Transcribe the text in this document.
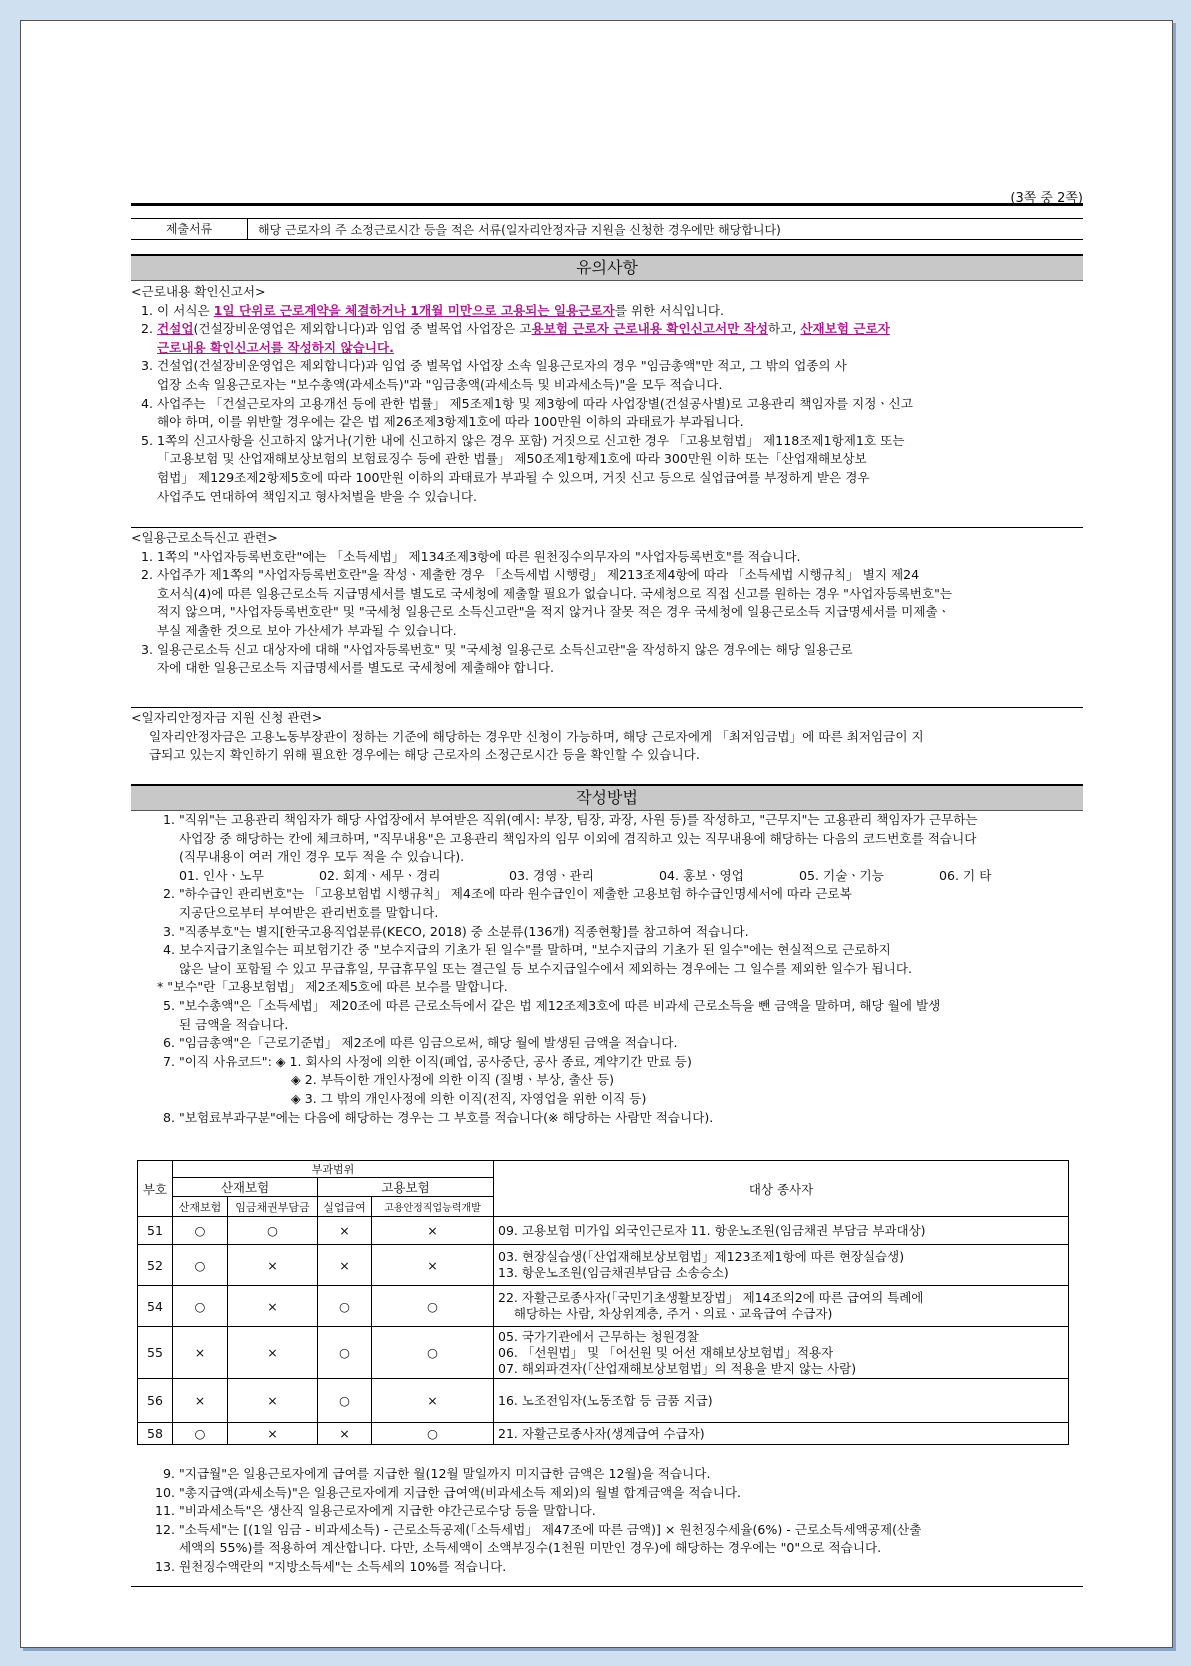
(3쪽 중 2쪽)
제출서류	해당 근로자의 주 소정근로시간 등을 적은 서류(일자리안정자금 지원을 신청한 경우에만 해당합니다)
유의사항

<근로내용 확인신고서>

1. 이 서식은 1일 단위로 근로계약을 체결하거나 1개월 미만으로 고용되는 일용근로자를 위한 서식입니다.
2. 건설업(건설장비운영업은 제외합니다)과 임업 중 벌목업 사업장은 고용보험 근로자 근로내용 확인신고서만 작성하고, 산재보험 근로자
근로내용 확인신고서를 작성하지 않습니다.
3. 건설업(건설장비운영업은 제외합니다)과 임업 중 벌목업 사업장 소속 일용근로자의 경우 "임금총액"만 적고, 그 밖의 업종의 사
업장 소속 일용근로자는 "보수총액(과세소득)"과 "임금총액(과세소득 및 비과세소득)"을 모두 적습니다.
4. 사업주는 「건설근로자의 고용개선 등에 관한 법률」 제5조제1항 및 제3항에 따라 사업장별(건설공사별)로 고용관리 책임자를 지정ㆍ신고
해야 하며, 이를 위반할 경우에는 같은 법 제26조제3항제1호에 따라 100만원 이하의 과태료가 부과됩니다.
5. 1쪽의 신고사항을 신고하지 않거나(기한 내에 신고하지 않은 경우 포함) 거짓으로 신고한 경우 「고용보험법」 제118조제1항제1호 또는
「고용보험 및 산업재해보상보험의 보험료징수 등에 관한 법률」 제50조제1항제1호에 따라 300만원 이하 또는「산업재해보상보
험법」 제129조제2항제5호에 따라 100만원 이하의 과태료가 부과될 수 있으며, 거짓 신고 등으로 실업급여를 부정하게 받은 경우
사업주도 연대하여 책임지고 형사처벌을 받을 수 있습니다.

<일용근로소득신고 관련>

1. 1쪽의 "사업자등록번호란"에는 「소득세법」 제134조제3항에 따른 원천징수의무자의 "사업자등록번호"를 적습니다.
2. 사업주가 제1쪽의 "사업자등록번호란"을 작성ㆍ제출한 경우 「소득세법 시행령」 제213조제4항에 따라 「소득세법 시행규칙」 별지 제24
호서식(4)에 따른 일용근로소득 지급명세서를 별도로 국세청에 제출할 필요가 없습니다. 국세청으로 직접 신고를 원하는 경우 "사업자등록번호"는
적지 않으며, "사업자등록번호란" 및 "국세청 일용근로 소득신고란"을 적지 않거나 잘못 적은 경우 국세청에 일용근로소득 지급명세서를 미제출ㆍ
부실 제출한 것으로 보아 가산세가 부과될 수 있습니다.
3. 일용근로소득 신고 대상자에 대해 "사업자등록번호" 및 "국세청 일용근로 소득신고란"을 작성하지 않은 경우에는 해당 일용근로
자에 대한 일용근로소득 지급명세서를 별도로 국세청에 제출해야 합니다.

<일자리안정자금 지원 신청 관련>

일자리안정자금은 고용노동부장관이 정하는 기준에 해당하는 경우만 신청이 가능하며, 해당 근로자에게 「최저임금법」에 따른 최저임금이 지

급되고 있는지 확인하기 위해 필요한 경우에는 해당 근로자의 소정근로시간 등을 확인할 수 있습니다.

작성방법
1. "직위"는 고용관리 책임자가 해당 사업장에서 부여받은 직위(예시: 부장, 팀장, 과장, 사원 등)를 작성하고, "근무지"는 고용관리 책임자가 근무하는
사업장 중 해당하는 칸에 체크하며, "직무내용"은 고용관리 책임자의 임무 이외에 겸직하고 있는 직무내용에 해당하는 다음의 코드번호를 적습니다
(직무내용이 여러 개인 경우 모두 적을 수 있습니다).

01. 인사ㆍ노무	02. 회계ㆍ세무ㆍ경리	03. 경영ㆍ관리	04. 홍보ㆍ영업	05. 기술ㆍ기능	06. 기 타
2. "하수급인 관리번호"는 「고용보험법 시행규칙」 제4조에 따라 원수급인이 제출한 고용보험 하수급인명세서에 따라 근로복
지공단으로부터 부여받은 관리번호를 말합니다.
3. "직종부호"는 별지[한국고용직업분류(KECO, 2018) 중 소분류(136개) 직종현황]를 참고하여 적습니다.
4. 보수지급기초일수는 피보험기간 중 "보수지급의 기초가 된 일수"를 말하며, "보수지급의 기초가 된 일수"에는 현실적으로 근로하지
않은 날이 포함될 수 있고 무급휴일, 무급휴무일 또는 결근일 등 보수지급일수에서 제외하는 경우에는 그 일수를 제외한 일수가 됩니다.

* "보수"란「고용보험법」 제2조제5호에 따른 보수를 말합니다.

5. "보수총액"은「소득세법」 제20조에 따른 근로소득에서 같은 법 제12조제3호에 따른 비과세 근로소득을 뺀 금액을 말하며, 해당 월에 발생
된 금액을 적습니다.
6. "임금총액"은「근로기준법」 제2조에 따른 임금으로써, 해당 월에 발생된 금액을 적습니다.
7. "이직 사유코드": ◈ 1. 회사의 사정에 의한 이직(폐업, 공사중단, 공사 종료, 계약기간 만료 등)

◈ 2. 부득이한 개인사정에 의한 이직 (질병ㆍ부상, 출산 등)

◈ 3. 그 밖의 개인사정에 의한 이직(전직, 자영업을 위한 이직 등)

8. "보험료부과구분"에는 다음에 해당하는 경우는 그 부호를 적습니다(※ 해당하는 사람만 적습니다).
부호	부과범위				대상 종사자
	산재보험		고용보험		
	산재보험	임금채권부담금	실업급여	고용안정직업능력개발	
51	○	○	×	×	09. 고용보험 미가입 외국인근로자 11. 항운노조원(임금채권 부담금 부과대상)
52	○	×	×	×	03. 현장실습생(「산업재해보상보험법」제123조제1항에 따른 현장실습생)
13. 항운노조원(임금채권부담금 소송승소)
54	○	×	○	○	22. 자활근로종사자(「국민기초생활보장법」 제14조의2에 따른 급여의 특례에
해당하는 사람, 차상위계층, 주거ㆍ의료ㆍ교육급여 수급자)
55	×	×	○	○	05. 국가기관에서 근무하는 청원경찰
06. 「선원법」 및 「어선원 및 어선 재해보상보험법」적용자
07. 해외파견자(「산업재해보상보험법」의 적용을 받지 않는 사람)
56	×	×	○	×	16. 노조전임자(노동조합 등 금품 지급)
58	○	×	×	○	21. 자활근로종사자(생계급여 수급자)
9. "지급월"은 일용근로자에게 급여를 지급한 월(12월 말일까지 미지급한 금액은 12월)을 적습니다.
10. "총지급액(과세소득)"은 일용근로자에게 지급한 급여액(비과세소득 제외)의 월별 합계금액을 적습니다.
11. "비과세소득"은 생산직 일용근로자에게 지급한 야간근로수당 등을 말합니다.
12. "소득세"는 [(1일 임금 - 비과세소득) - 근로소득공제(「소득세법」 제47조에 따른 금액)] × 원천징수세율(6%) - 근로소득세액공제(산출
세액의 55%)를 적용하여 계산합니다. 다만, 소득세액이 소액부징수(1천원 미만인 경우)에 해당하는 경우에는 "0"으로 적습니다.
13. 원천징수액란의 "지방소득세"는 소득세의 10%를 적습니다.
